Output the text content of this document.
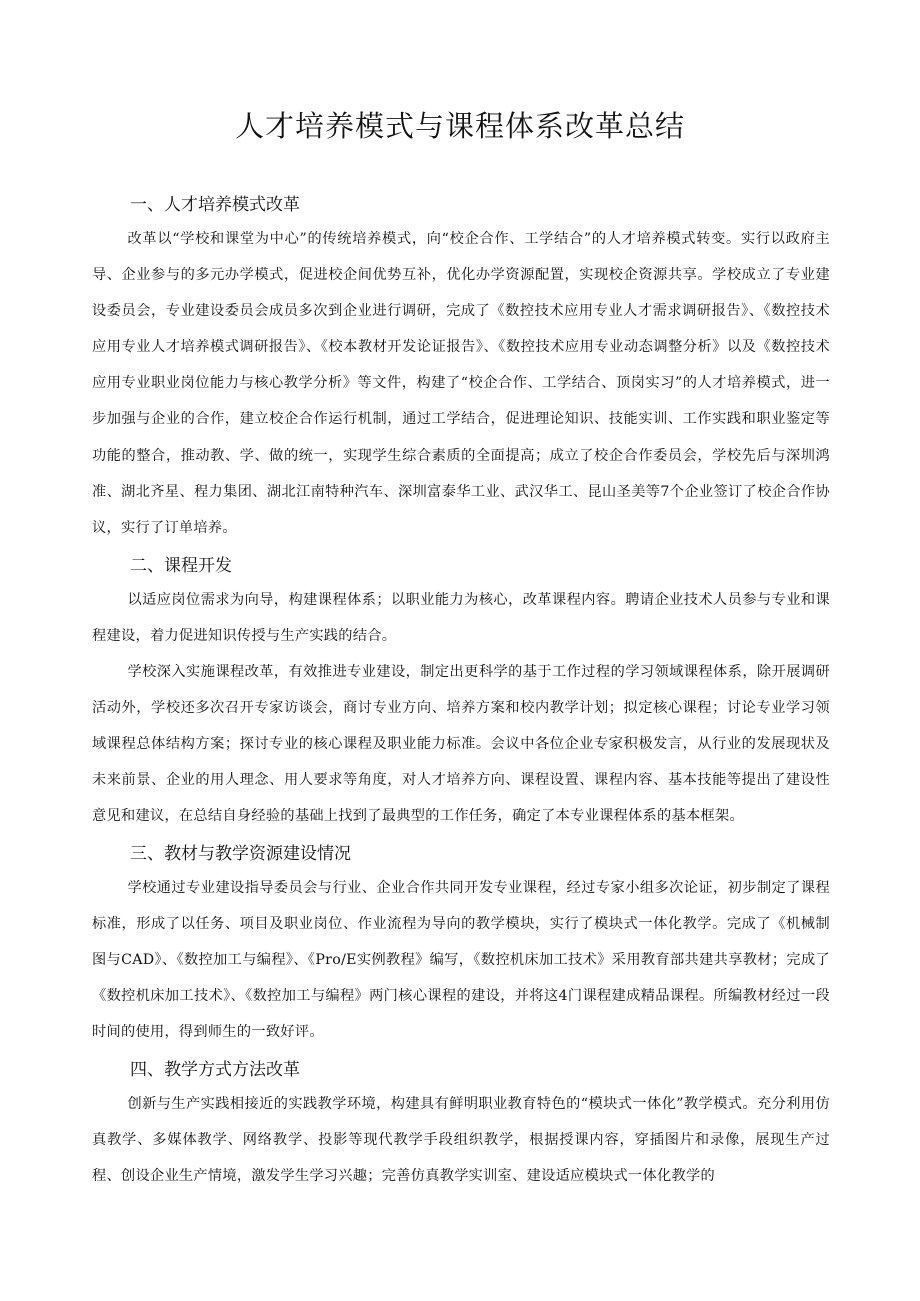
人才培养模式与课程体系改革总结
一、人才培养模式改革

改革以“学校和课堂为中心”的传统培养模式，向“校企合作、工学结合”的人才培养模式转变。实行以政府主导、企业参与的多元办学模式，促进校企间优势互补，优化办学资源配置，实现校企资源共享。学校成立了专业建设委员会，专业建设委员会成员多次到企业进行调研，完成了《数控技术应用专业人才需求调研报告》、《数控技术应用专业人才培养模式调研报告》、《校本教材开发论证报告》、《数控技术应用专业动态调整分析》以及《数控技术应用专业职业岗位能力与核心教学分析》等文件，构建了“校企合作、工学结合、顶岗实习”的人才培养模式，进一步加强与企业的合作，建立校企合作运行机制，通过工学结合，促进理论知识、技能实训、工作实践和职业鉴定等功能的整合，推动教、学、做的统一，实现学生综合素质的全面提高；成立了校企合作委员会，学校先后与深圳鸿准、湖北齐星、程力集团、湖北江南特种汽车、深圳富泰华工业、武汉华工、昆山圣美等7个企业签订了校企合作协议，实行了订单培养。

二、课程开发

以适应岗位需求为向导，构建课程体系；以职业能力为核心，改革课程内容。聘请企业技术人员参与专业和课程建设，着力促进知识传授与生产实践的结合。

学校深入实施课程改革，有效推进专业建设，制定出更科学的基于工作过程的学习领域课程体系，除开展调研活动外，学校还多次召开专家访谈会，商讨专业方向、培养方案和校内教学计划；拟定核心课程；讨论专业学习领域课程总体结构方案；探讨专业的核心课程及职业能力标准。会议中各位企业专家积极发言，从行业的发展现状及未来前景、企业的用人理念、用人要求等角度，对人才培养方向、课程设置、课程内容、基本技能等提出了建设性意见和建议，在总结自身经验的基础上找到了最典型的工作任务，确定了本专业课程体系的基本框架。

三、教材与教学资源建设情况

学校通过专业建设指导委员会与行业、企业合作共同开发专业课程，经过专家小组多次论证，初步制定了课程标准，形成了以任务、项目及职业岗位、作业流程为导向的教学模块，实行了模块式一体化教学。完成了《机械制图与CAD》、《数控加工与编程》、《Pro/E实例教程》编写，《数控机床加工技术》采用教育部共建共享教材；完成了《数控机床加工技术》、《数控加工与编程》两门核心课程的建设，并将这4门课程建成精品课程。所编教材经过一段时间的使用，得到师生的一致好评。

四、教学方式方法改革

创新与生产实践相接近的实践教学环境，构建具有鲜明职业教育特色的“模块式一体化”教学模式。充分利用仿真教学、多媒体教学、网络教学、投影等现代教学手段组织教学，根据授课内容，穿插图片和录像，展现生产过程、创设企业生产情境，激发学生学习兴趣；完善仿真教学实训室、建设适应模块式一体化教学的
